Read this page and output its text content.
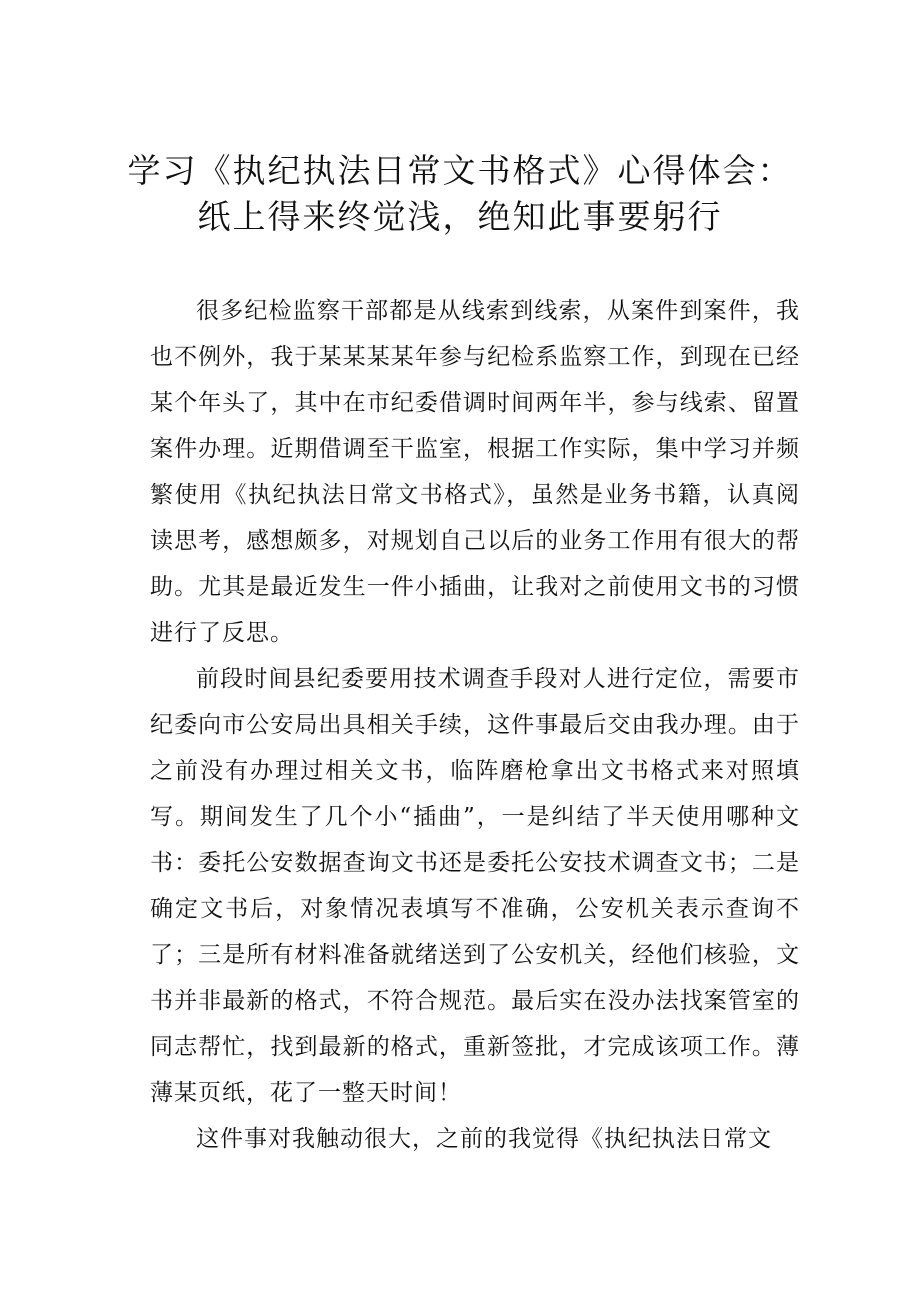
学习《执纪执法日常文书格式》心得体会：
纸上得来终觉浅，绝知此事要躬行

很多纪检监察干部都是从线索到线索，从案件到案件，我也不例外，我于某某某某年参与纪检系监察工作，到现在已经某个年头了，其中在市纪委借调时间两年半，参与线索、留置案件办理。近期借调至干监室，根据工作实际，集中学习并频繁使用《执纪执法日常文书格式》，虽然是业务书籍，认真阅读思考，感想颇多，对规划自己以后的业务工作用有很大的帮助。尤其是最近发生一件小插曲，让我对之前使用文书的习惯进行了反思。

前段时间县纪委要用技术调查手段对人进行定位，需要市纪委向市公安局出具相关手续，这件事最后交由我办理。由于之前没有办理过相关文书，临阵磨枪拿出文书格式来对照填写。期间发生了几个小“插曲”，一是纠结了半天使用哪种文书：委托公安数据查询文书还是委托公安技术调查文书；二是确定文书后，对象情况表填写不准确，公安机关表示查询不了；三是所有材料准备就绪送到了公安机关，经他们核验，文书并非最新的格式，不符合规范。最后实在没办法找案管室的同志帮忙，找到最新的格式，重新签批，才完成该项工作。薄薄某页纸，花了一整天时间！

这件事对我触动很大，之前的我觉得《执纪执法日常文
